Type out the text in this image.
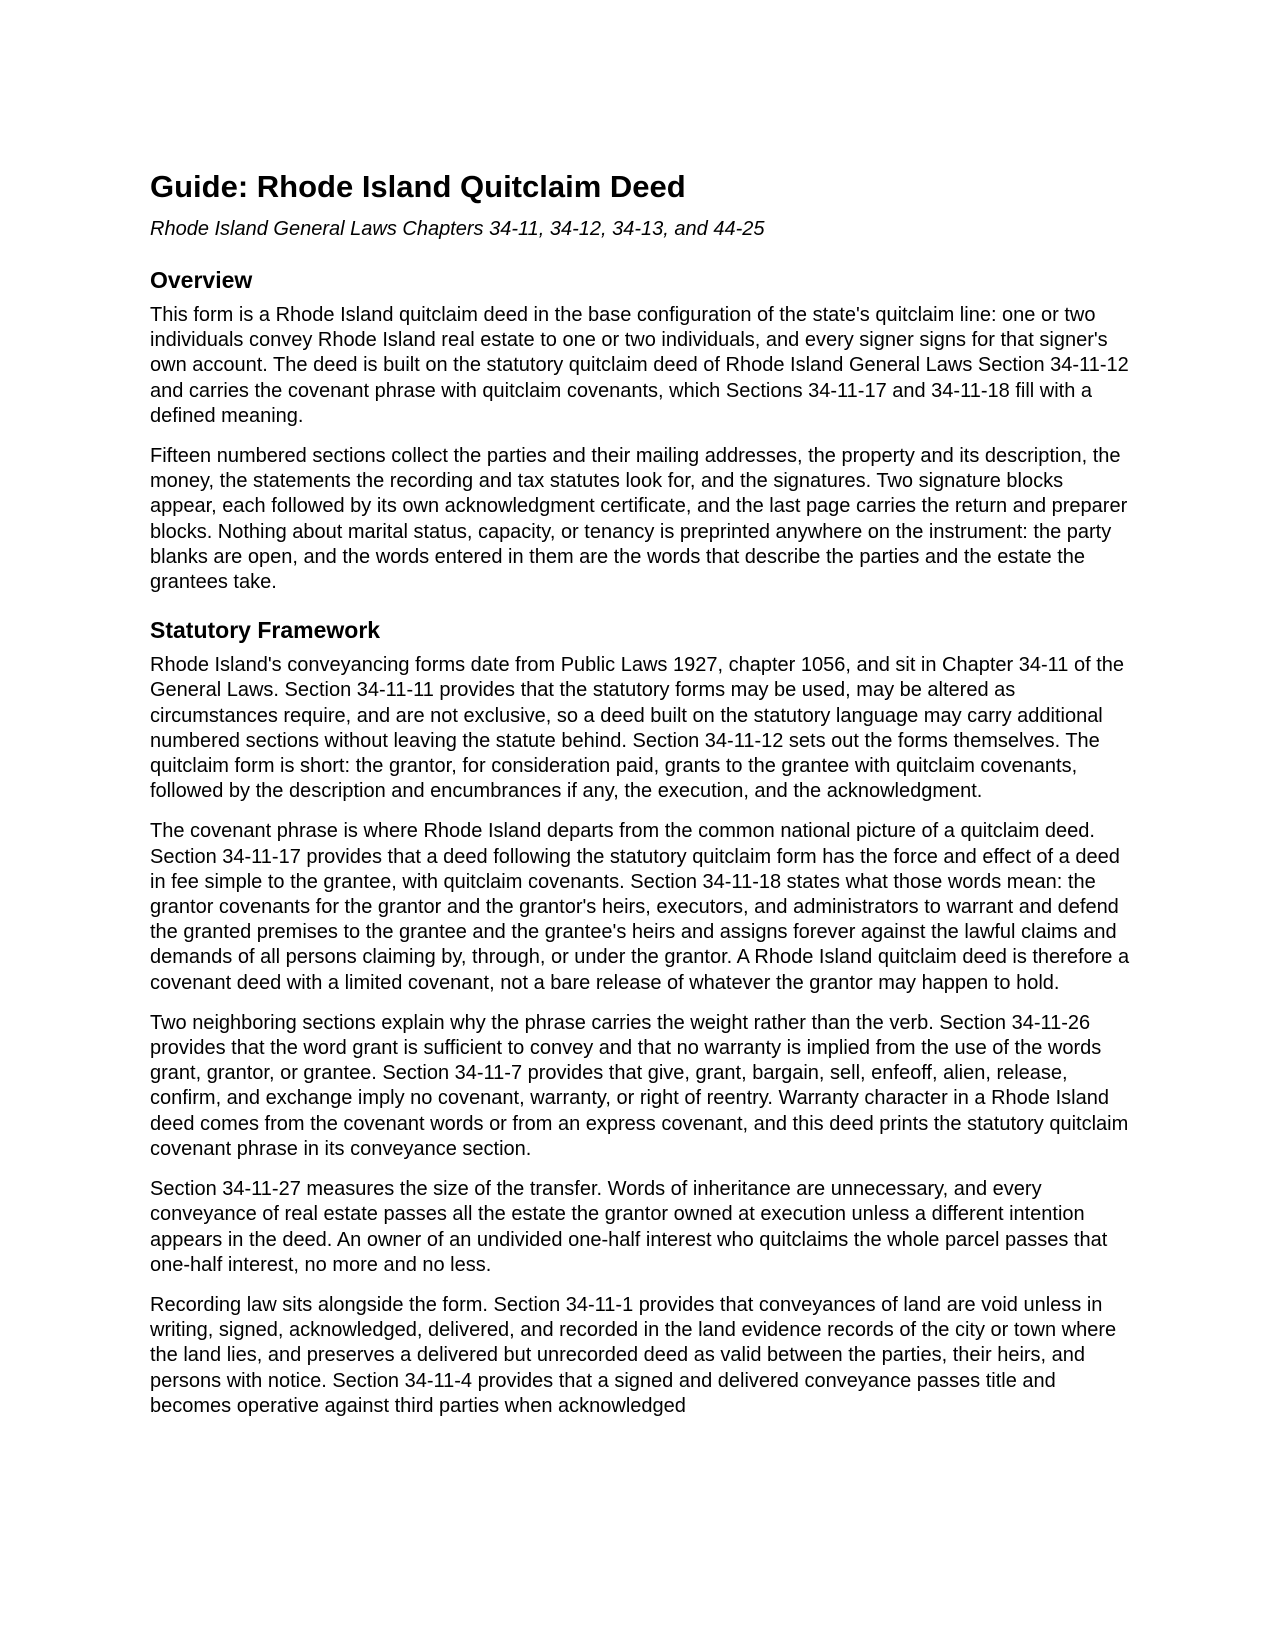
Guide: Rhode Island Quitclaim Deed
Rhode Island General Laws Chapters 34-11, 34-12, 34-13, and 44-25
Overview

This form is a Rhode Island quitclaim deed in the base configuration of the state's quitclaim line: one or two individuals convey Rhode Island real estate to one or two individuals, and every signer signs for that signer's own account. The deed is built on the statutory quitclaim deed of Rhode Island General Laws Section 34-11-12 and carries the covenant phrase with quitclaim covenants, which Sections 34-11-17 and 34-11-18 fill with a defined meaning.

Fifteen numbered sections collect the parties and their mailing addresses, the property and its description, the money, the statements the recording and tax statutes look for, and the signatures. Two signature blocks appear, each followed by its own acknowledgment certificate, and the last page carries the return and preparer blocks. Nothing about marital status, capacity, or tenancy is preprinted anywhere on the instrument: the party blanks are open, and the words entered in them are the words that describe the parties and the estate the grantees take.

Statutory Framework

Rhode Island's conveyancing forms date from Public Laws 1927, chapter 1056, and sit in Chapter 34-11 of the General Laws. Section 34-11-11 provides that the statutory forms may be used, may be altered as circumstances require, and are not exclusive, so a deed built on the statutory language may carry additional numbered sections without leaving the statute behind. Section 34-11-12 sets out the forms themselves. The quitclaim form is short: the grantor, for consideration paid, grants to the grantee with quitclaim covenants, followed by the description and encumbrances if any, the execution, and the acknowledgment.

The covenant phrase is where Rhode Island departs from the common national picture of a quitclaim deed. Section 34-11-17 provides that a deed following the statutory quitclaim form has the force and effect of a deed in fee simple to the grantee, with quitclaim covenants. Section 34-11-18 states what those words mean: the grantor covenants for the grantor and the grantor's heirs, executors, and administrators to warrant and defend the granted premises to the grantee and the grantee's heirs and assigns forever against the lawful claims and demands of all persons claiming by, through, or under the grantor. A Rhode Island quitclaim deed is therefore a covenant deed with a limited covenant, not a bare release of whatever the grantor may happen to hold.

Two neighboring sections explain why the phrase carries the weight rather than the verb. Section 34-11-26 provides that the word grant is sufficient to convey and that no warranty is implied from the use of the words grant, grantor, or grantee. Section 34-11-7 provides that give, grant, bargain, sell, enfeoff, alien, release, confirm, and exchange imply no covenant, warranty, or right of reentry. Warranty character in a Rhode Island deed comes from the covenant words or from an express covenant, and this deed prints the statutory quitclaim covenant phrase in its conveyance section.

Section 34-11-27 measures the size of the transfer. Words of inheritance are unnecessary, and every conveyance of real estate passes all the estate the grantor owned at execution unless a different intention appears in the deed. An owner of an undivided one-half interest who quitclaims the whole parcel passes that one-half interest, no more and no less.

Recording law sits alongside the form. Section 34-11-1 provides that conveyances of land are void unless in writing, signed, acknowledged, delivered, and recorded in the land evidence records of the city or town where the land lies, and preserves a delivered but unrecorded deed as valid between the parties, their heirs, and persons with notice. Section 34-11-4 provides that a signed and delivered conveyance passes title and becomes operative against third parties when acknowledged
